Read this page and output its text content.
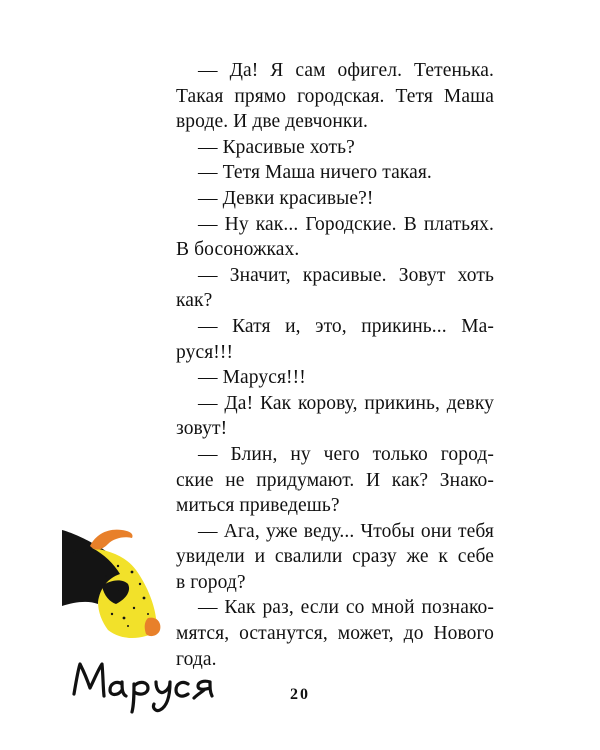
— Да! Я сам офигел. Тетенька.
Такая прямо городская. Тетя Маша
вроде. И две девчонки.
— Красивые хоть?
— Тетя Маша ничего такая.
— Девки красивые?!
— Ну как... Городские. В платьях.
В босоножках.
— Значит, красивые. Зовут хоть
как?
— Катя и, это, прикинь... Ма-
руся!!!
— Маруся!!!
— Да! Как корову, прикинь, девку
зовут!
— Блин, ну чего только город-
ские не придумают. И как? Знако-
миться приведешь?
— Ага, уже веду... Чтобы они тебя
увидели и свалили сразу же к себе
в город?
— Как раз, если со мной познако-
мятся, останутся, может, до Нового
года.
20
